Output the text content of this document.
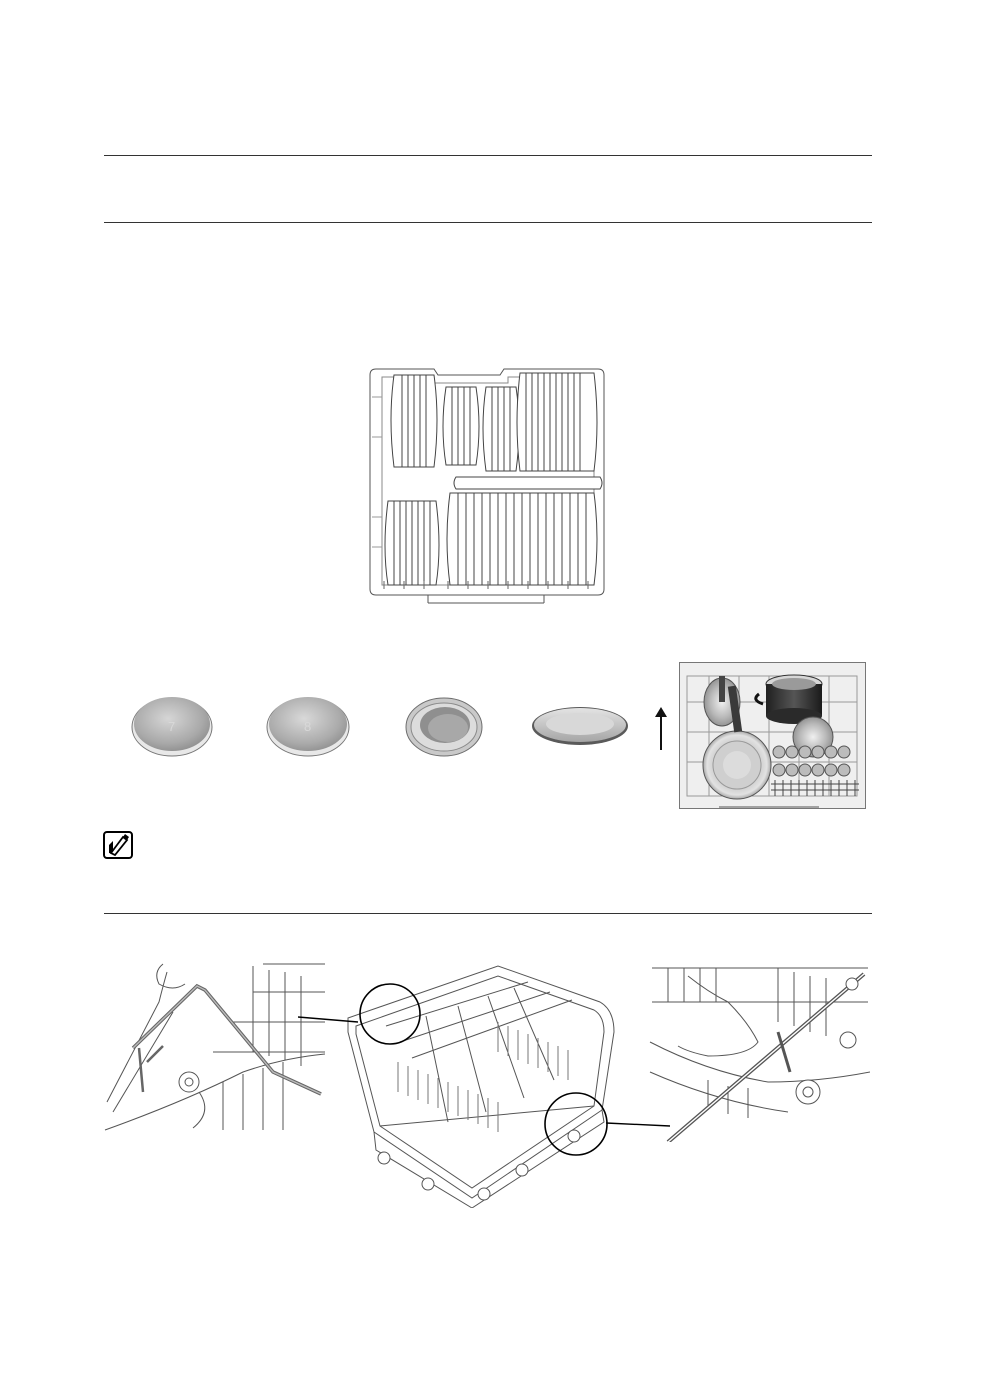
7	8
